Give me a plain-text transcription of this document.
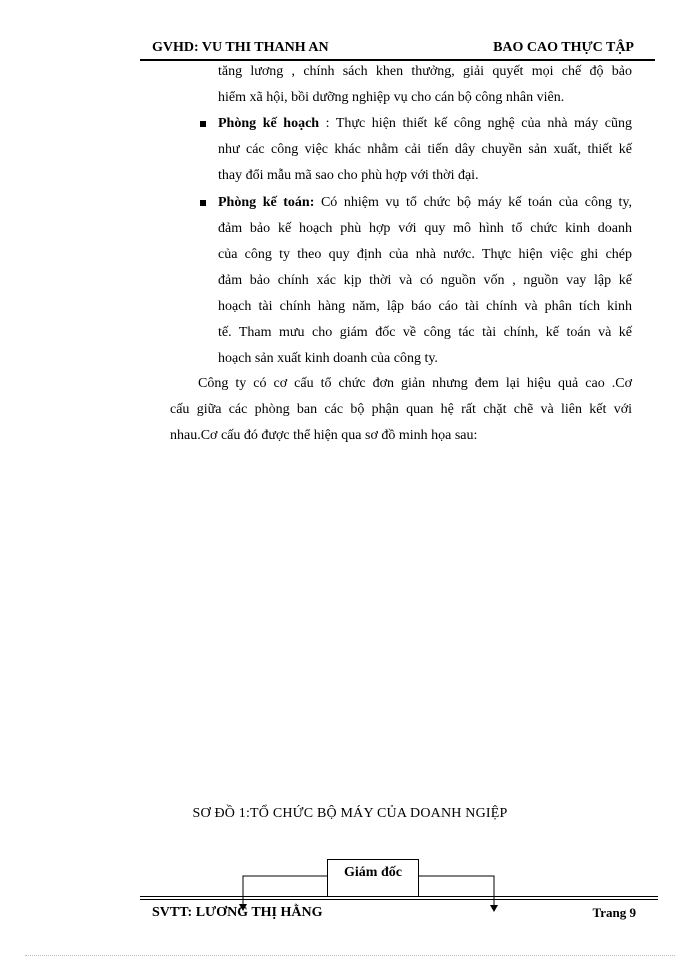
GVHD: VU THI THANH AN	BAO CAO THỰC TẬP
tăng lương , chính sách khen thưởng, giải quyết mọi chế độ bảo
hiểm xã hội, bồi dưỡng nghiệp vụ cho cán bộ công nhân viên.
Phòng kế hoạch : Thực hiện thiết kế công nghệ của nhà máy cũng
như các công việc khác nhằm cải tiến dây chuyền sản xuất, thiết kế
thay đổi mẫu mã sao cho phù hợp với thời đại.
Phòng kế toán: Có nhiệm vụ tổ chức bộ máy kế toán của công ty,
đảm bảo kế hoạch phù hợp với quy mô hình tổ chức kinh doanh
của công ty theo quy định của nhà nước. Thực hiện việc ghi chép
đảm bảo chính xác kịp thời và có nguồn vốn , nguồn vay lập kế
hoạch tài chính hàng năm, lập báo cáo tài chính và phân tích kinh
tế. Tham mưu cho giám đốc về công tác tài chính, kế toán và kế
hoạch sản xuất kinh doanh của công ty.
Công ty có cơ cấu tổ chức đơn giản nhưng đem lại hiệu quả cao .Cơ
cấu giữa các phòng ban các bộ phận quan hệ rất chặt chẽ và liên kết với
nhau.Cơ cấu đó được thể hiện qua sơ đồ minh họa sau:
SƠ ĐỒ 1:TỔ CHỨC BỘ MÁY CỦA DOANH NGIỆP
Giám đốc
SVTT: LƯƠNG THỊ HẰNG	Trang 9
